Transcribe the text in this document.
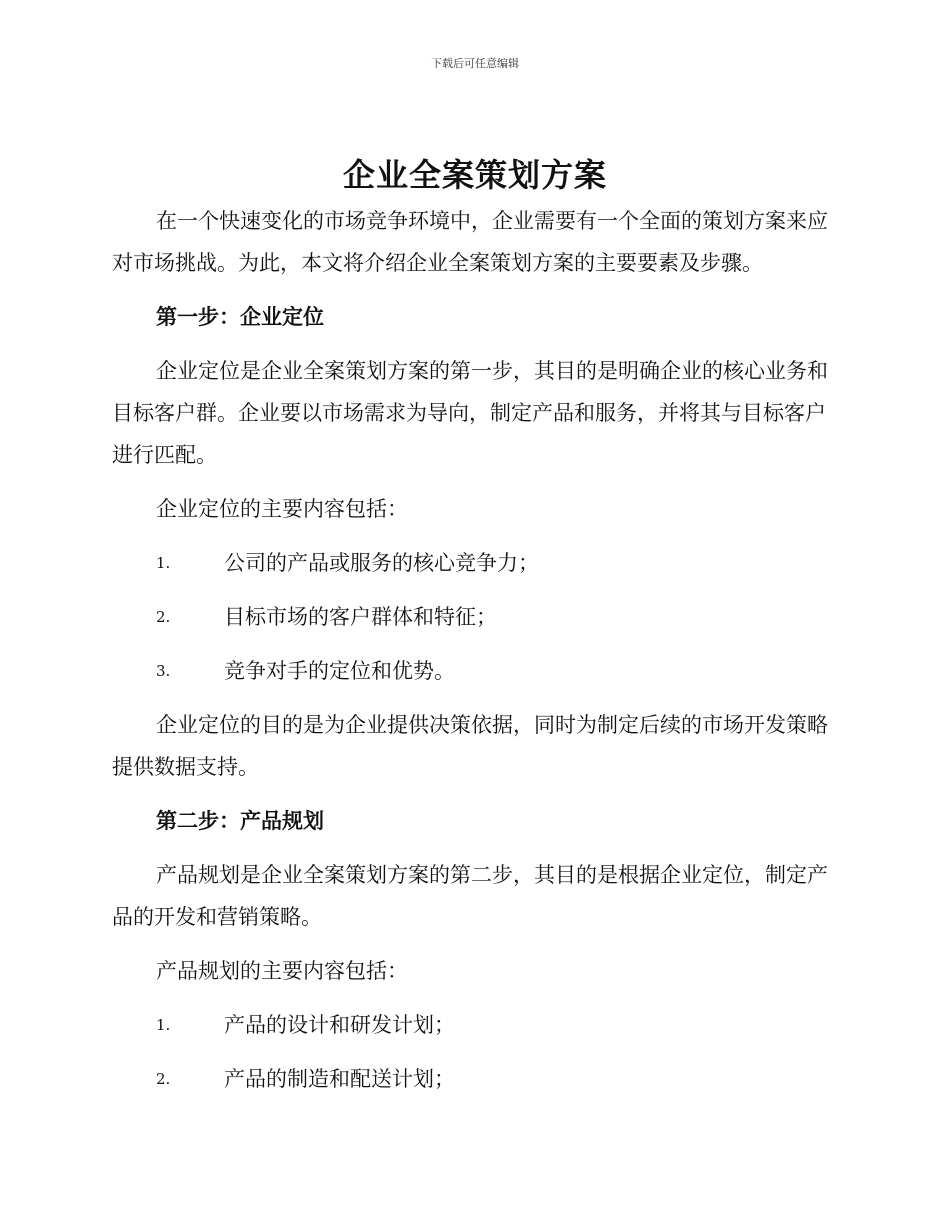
下载后可任意编辑
企业全案策划方案

在一个快速变化的市场竞争环境中，企业需要有一个全面的策划方案来应对市场挑战。为此，本文将介绍企业全案策划方案的主要要素及步骤。

第一步：企业定位

企业定位是企业全案策划方案的第一步，其目的是明确企业的核心业务和目标客户群。企业要以市场需求为导向，制定产品和服务，并将其与目标客户进行匹配。

企业定位的主要内容包括：

1.	公司的产品或服务的核心竞争力；
2.	目标市场的客户群体和特征；
3.	竞争对手的定位和优势。

企业定位的目的是为企业提供决策依据，同时为制定后续的市场开发策略提供数据支持。

第二步：产品规划

产品规划是企业全案策划方案的第二步，其目的是根据企业定位，制定产品的开发和营销策略。

产品规划的主要内容包括：

1.	产品的设计和研发计划；
2.	产品的制造和配送计划；
